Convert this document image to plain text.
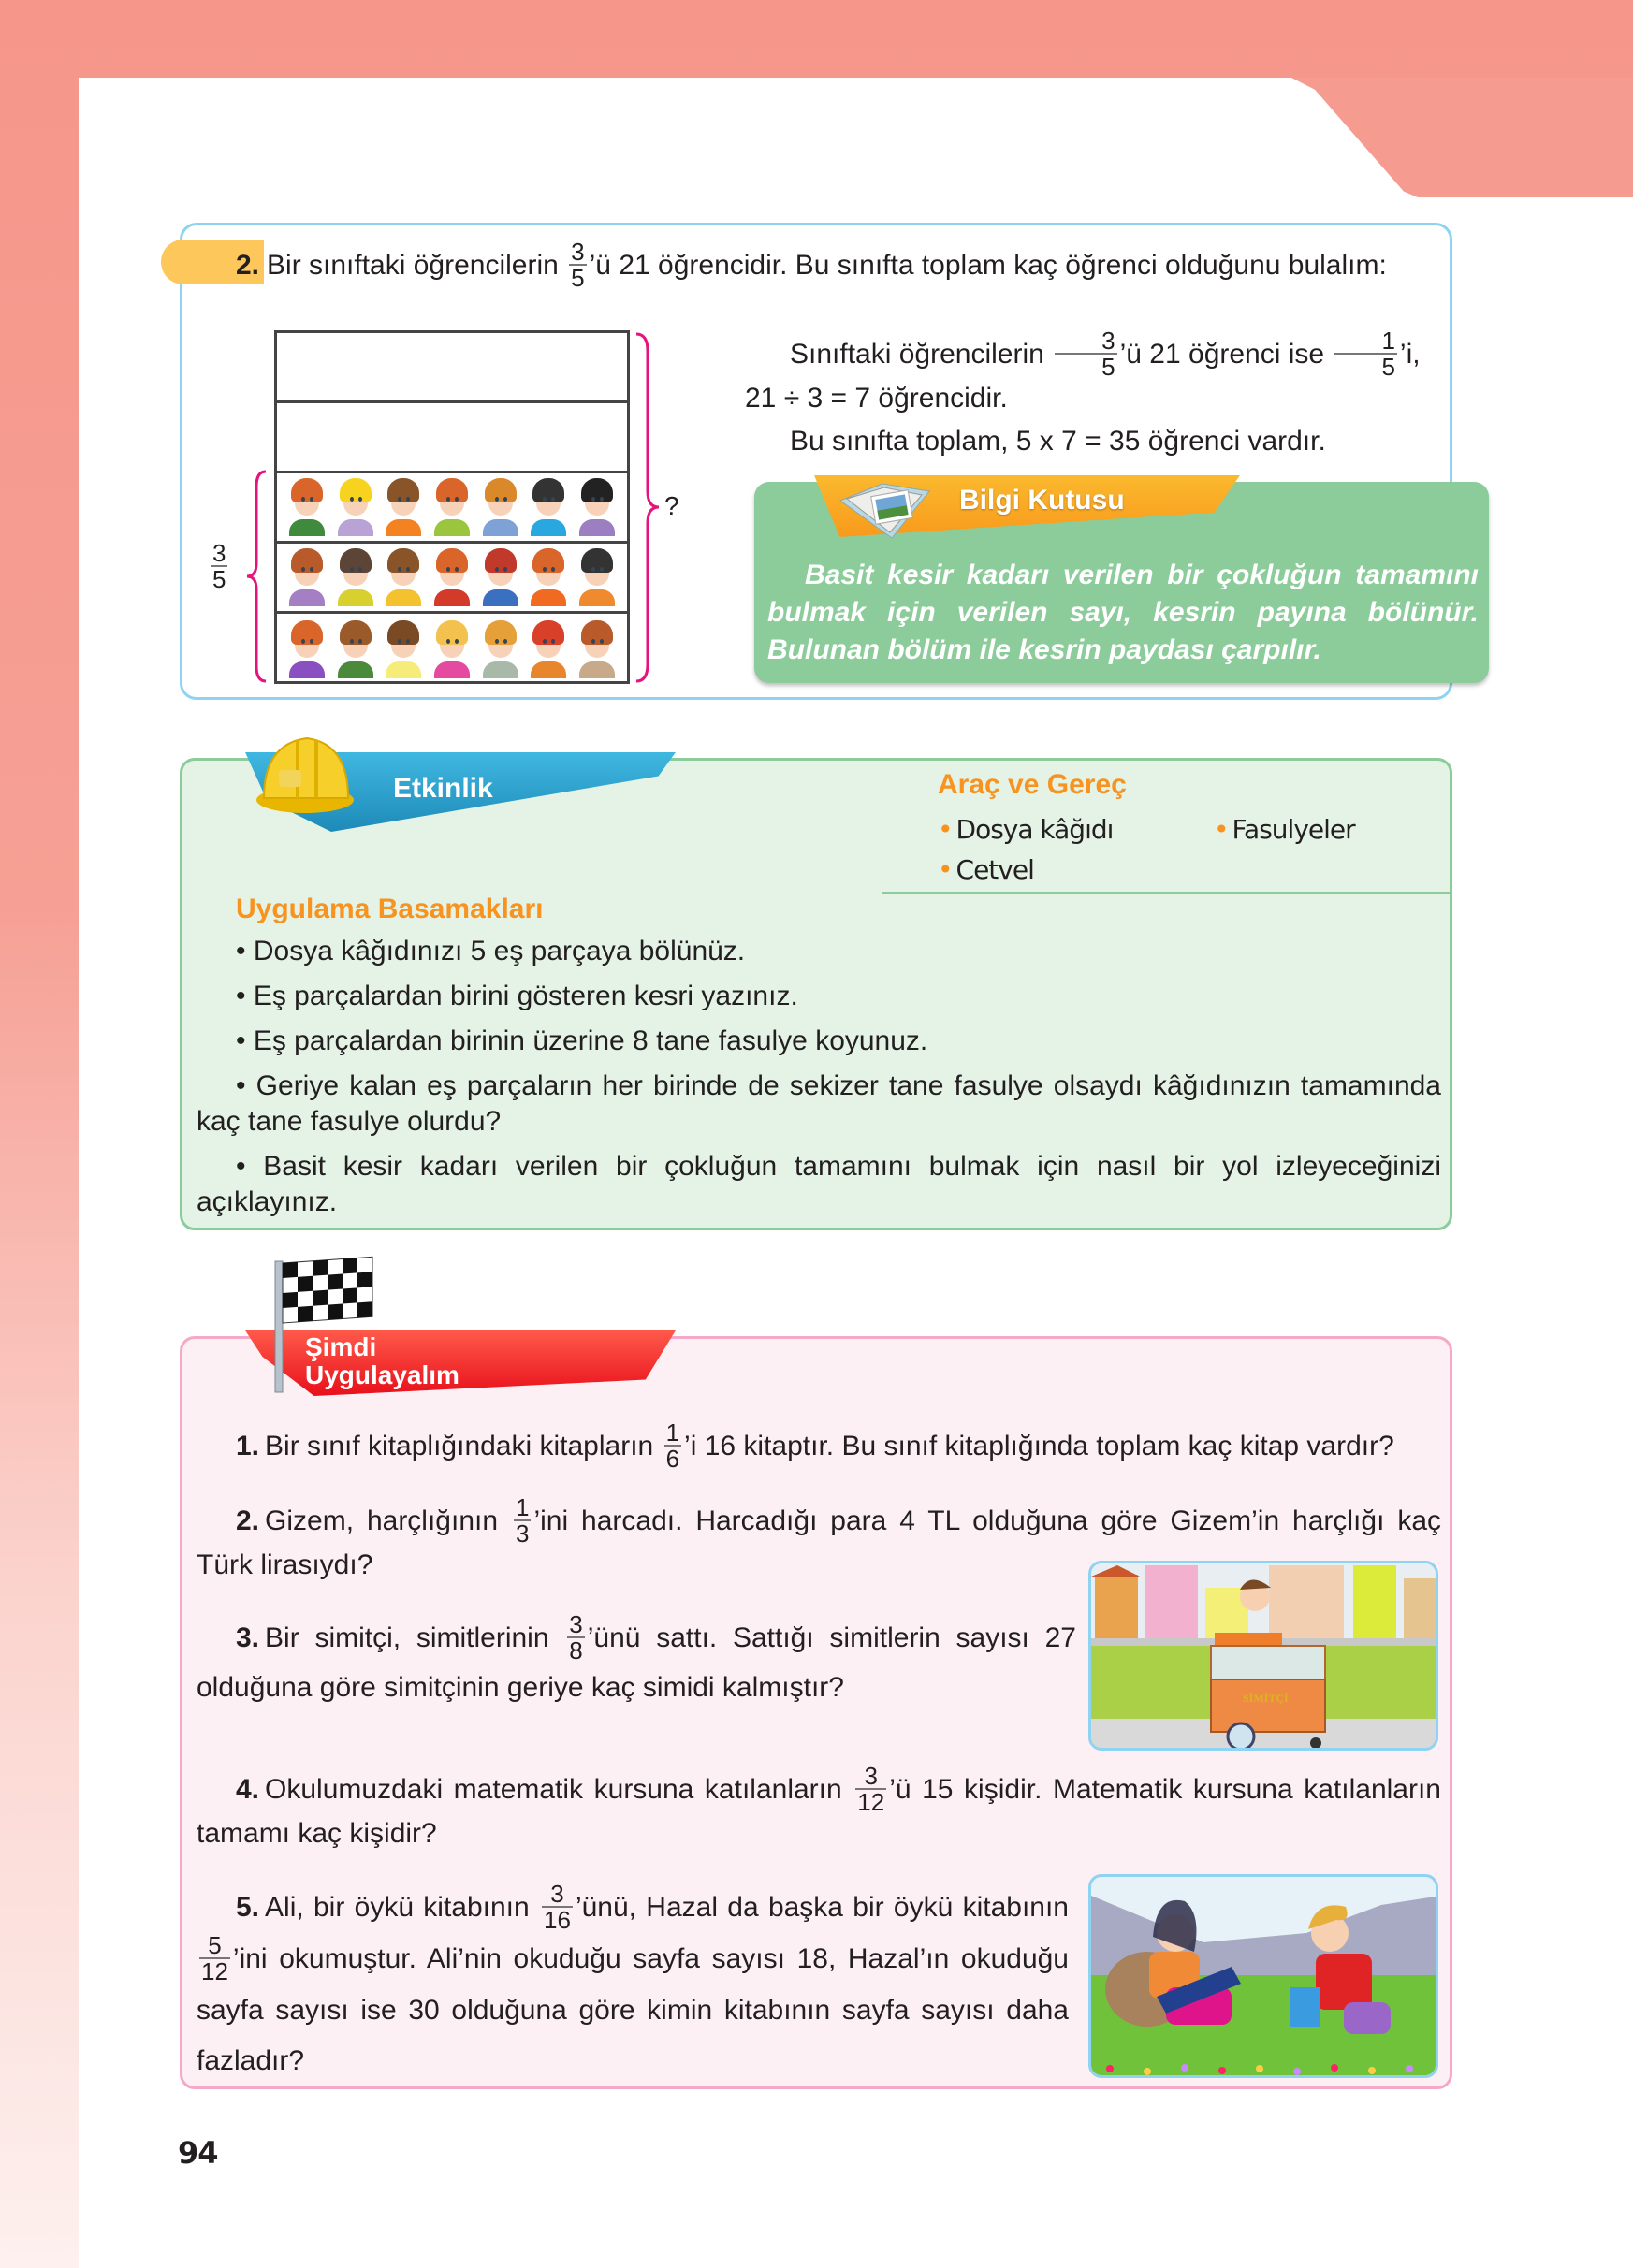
2. Bir sınıftaki öğrencilerin $\frac{3}{5}$ ’ü 21 öğrencidir. Bu sınıfta toplam kaç öğrenci olduğunu bulalım:
?
$\frac{3}{5}$

Sınıftaki öğrencilerin $\frac{3}{5}$ ’ü 21 öğrenci ise $\frac{1}{5}$ ’i,

21 ÷ 3 = 7 öğrencidir.

Bu sınıfta toplam, 5 x 7 = 35 öğrenci vardır.

Bilgi Kutusu
Basit kesir kadarı verilen bir çokluğun tamamını bulmak için verilen sayı, kesrin payına bölünür. Bulunan bölüm ile kesrin paydası çarpılır.
Etkinlik	Araç ve Gereç
• Dosya kâğıdı	• Fasulyeler
• Cetvel
Uygulama Basamakları

• Dosya kâğıdınızı 5 eş parçaya bölünüz.

• Eş parçalardan birini gösteren kesri yazınız.

• Eş parçalardan birinin üzerine 8 tane fasulye koyunuz.

• Geriye kalan eş parçaların her birinde de sekizer tane fasulye olsaydı kâğıdınızın tamamında kaç tane fasulye olurdu?

• Basit kesir kadarı verilen bir çokluğun tamamını bulmak için nasıl bir yol izleyeceğinizi açıklayınız.

Şimdi
Uygulayalım
1. Bir sınıf kitaplığındaki kitapların $\frac{1}{6}$ ’i 16 kitaptır. Bu sınıf kitaplığında toplam kaç kitap vardır?
2. Gizem, harçlığının $\frac{1}{3}$ ’ini harcadı. Harcadığı para 4 TL olduğuna göre Gizem’in harçlığı kaç Türk lirasıydı?
3. Bir simitçi, simitlerinin $\frac{3}{8}$ ’ünü sattı. Sattığı simitlerin sayısı 27 olduğuna göre simitçinin geriye kaç simidi kalmıştır?	SİMİTÇİ
4. Okulumuzdaki matematik kursuna katılanların $\frac{3}{12}$ ’ü 15 kişidir. Matematik kursuna katılanların tamamı kaç kişidir?
5. Ali, bir öykü kitabının $\frac{3}{16}$ ’ünü, Hazal da başka bir öykü kitabının
$\frac{5}{12}$ ’ini okumuştur. Ali’nin okuduğu sayfa sayısı 18, Hazal’ın okuduğu sayfa sayısı ise 30 olduğuna göre kimin kitabının sayfa sayısı daha fazladır?
94
